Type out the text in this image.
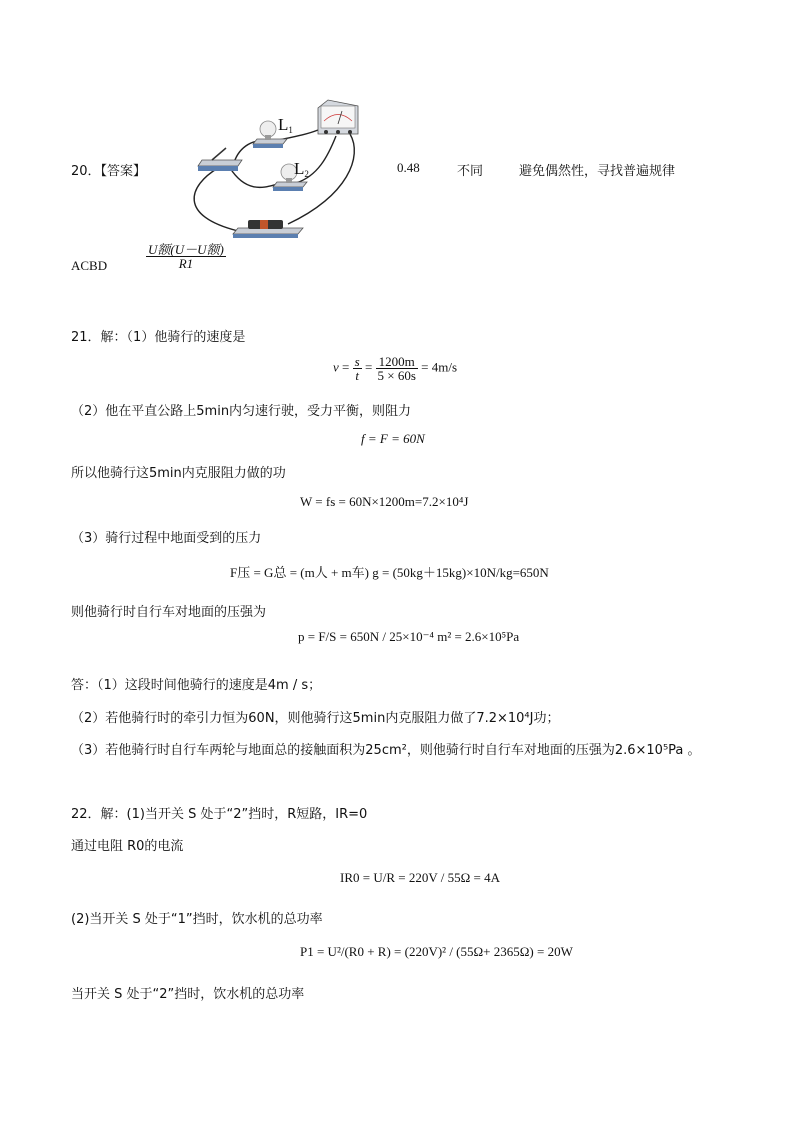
20．【答案】
L1
L2	0.48	不同	避免偶然性，寻找普遍规律
ACBD	$\frac{\text{U额(U－U额)}}{R1}$
21．解：（1）他骑行的速度是
$v = \frac{s}{t} = \frac{1200m}{5 \times 60s} = 4m/s$
（2）他在平直公路上5min内匀速行驶，受力平衡，则阻力
f = F = 60N
所以他骑行这5min内克服阻力做的功
W = fs = 60N×1200m=7.2×10⁴J
（3）骑行过程中地面受到的压力
F压 = G总 = (m人 + m车) g = (50kg＋15kg)×10N/kg=650N
则他骑行时自行车对地面的压强为
p = F/S = 650N / 25×10⁻⁴ m² = 2.6×10⁵Pa
答：（1）这段时间他骑行的速度是4m / s；
（2）若他骑行时的牵引力恒为60N，则他骑行这5min内克服阻力做了7.2×10⁴J功；
（3）若他骑行时自行车两轮与地面总的接触面积为25cm²，则他骑行时自行车对地面的压强为2.6×10⁵Pa 。
22．解：(1)当开关 S 处于“2”挡时，R短路，IR=0
通过电阻 R0的电流
IR0 = U/R = 220V / 55Ω = 4A
(2)当开关 S 处于“1”挡时，饮水机的总功率
P1 = U²/(R0 + R) = (220V)² / (55Ω+ 2365Ω) = 20W
当开关 S 处于“2”挡时，饮水机的总功率
